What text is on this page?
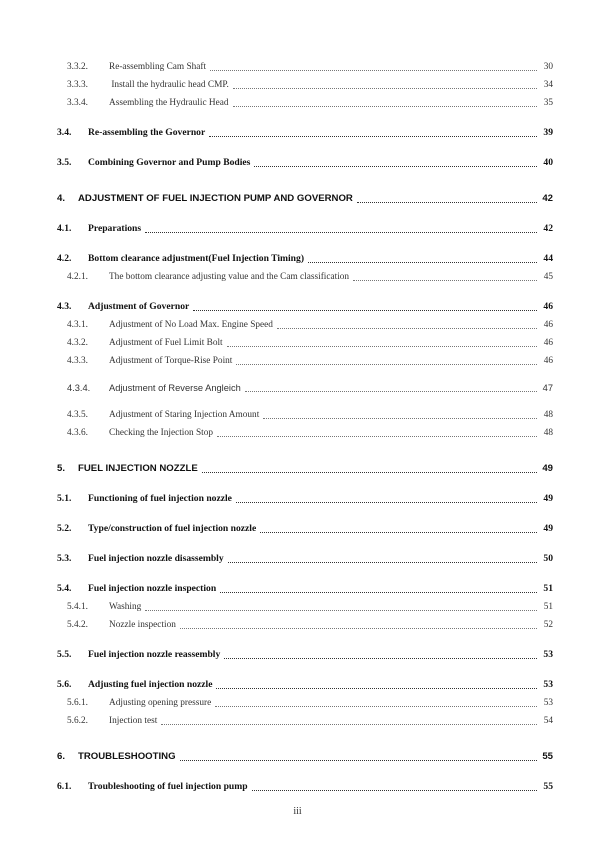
3.3.2. Re-assembling Cam Shaft	30
3.3.3. Install the hydraulic head CMP.	34
3.3.4. Assembling the Hydraulic Head	35
3.4. Re-assembling the Governor	39
3.5. Combining Governor and Pump Bodies	40
4. ADJUSTMENT OF FUEL INJECTION PUMP AND GOVERNOR	42
4.1. Preparations	42
4.2. Bottom clearance adjustment(Fuel Injection Timing)	44
4.2.1. The bottom clearance adjusting value and the Cam classification	45
4.3. Adjustment of Governor	46
4.3.1. Adjustment of No Load Max. Engine Speed	46
4.3.2. Adjustment of Fuel Limit Bolt	46
4.3.3. Adjustment of Torque-Rise Point	46
4.3.4. Adjustment of Reverse Angleich	47
4.3.5. Adjustment of Staring Injection Amount	48
4.3.6. Checking the Injection Stop	48
5. FUEL INJECTION NOZZLE	49
5.1. Functioning of fuel injection nozzle	49
5.2. Type/construction of fuel injection nozzle	49
5.3. Fuel injection nozzle disassembly	50
5.4. Fuel injection nozzle inspection	51
5.4.1. Washing	51
5.4.2. Nozzle inspection	52
5.5. Fuel injection nozzle reassembly	53
5.6. Adjusting fuel injection nozzle	53
5.6.1. Adjusting opening pressure	53
5.6.2. Injection test	54
6. TROUBLESHOOTING	55
6.1. Troubleshooting of fuel injection pump	55
iii
